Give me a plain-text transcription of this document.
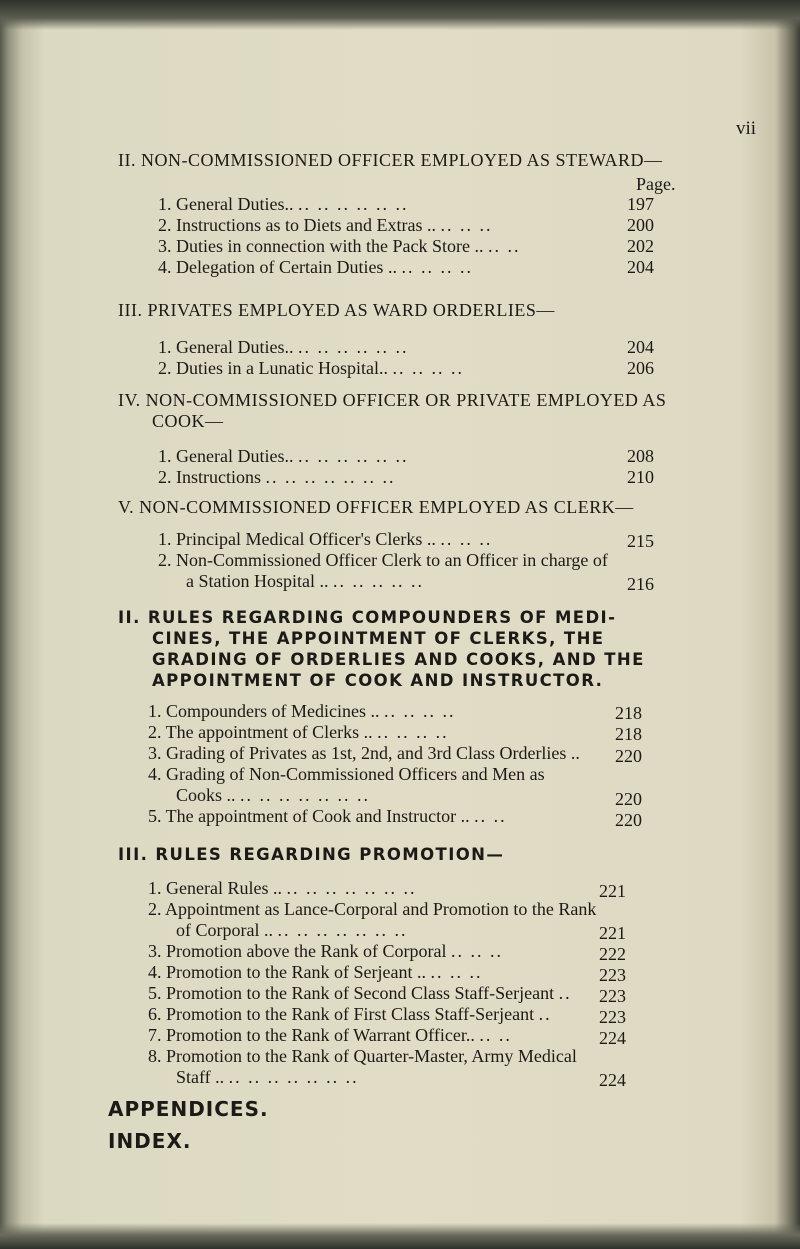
vii
II. NON-COMMISSIONED OFFICER EMPLOYED AS STEWARD—
Page.
1. General Duties.. .. .. .. .. .. ..	197
2. Instructions as to Diets and Extras .. .. .. ..	200
3. Duties in connection with the Pack Store .. .. ..	202
4. Delegation of Certain Duties .. .. .. .. ..	204
III. PRIVATES EMPLOYED AS WARD ORDERLIES—
1. General Duties.. .. .. .. .. .. ..	204
2. Duties in a Lunatic Hospital.. .. .. .. ..	206
IV. NON-COMMISSIONED OFFICER OR PRIVATE EMPLOYED AS
COOK—
1. General Duties.. .. .. .. .. .. ..	208
2. Instructions .. .. .. .. .. .. ..	210
V. NON-COMMISSIONED OFFICER EMPLOYED AS CLERK—
1. Principal Medical Officer's Clerks .. .. .. ..	215
2. Non-Commissioned Officer Clerk to an Officer in charge of
a Station Hospital .. .. .. .. .. ..	216
II. RULES REGARDING COMPOUNDERS OF MEDI-
CINES, THE APPOINTMENT OF CLERKS, THE
GRADING OF ORDERLIES AND COOKS, AND THE
APPOINTMENT OF COOK AND INSTRUCTOR.
1. Compounders of Medicines .. .. .. .. ..	218
2. The appointment of Clerks .. .. .. .. ..	218
3. Grading of Privates as 1st, 2nd, and 3rd Class Orderlies ..	220
4. Grading of Non-Commissioned Officers and Men as
Cooks .. .. .. .. .. .. .. ..	220
5. The appointment of Cook and Instructor .. .. ..	220
III. RULES REGARDING PROMOTION—
1. General Rules .. .. .. .. .. .. .. ..	221
2. Appointment as Lance-Corporal and Promotion to the Rank
of Corporal .. .. .. .. .. .. .. ..	221
3. Promotion above the Rank of Corporal .. .. ..	222
4. Promotion to the Rank of Serjeant .. .. .. ..	223
5. Promotion to the Rank of Second Class Staff-Serjeant ..	223
6. Promotion to the Rank of First Class Staff-Serjeant ..	223
7. Promotion to the Rank of Warrant Officer.. .. ..	224
8. Promotion to the Rank of Quarter-Master, Army Medical
Staff .. .. .. .. .. .. .. ..	224
APPENDICES.
INDEX.
